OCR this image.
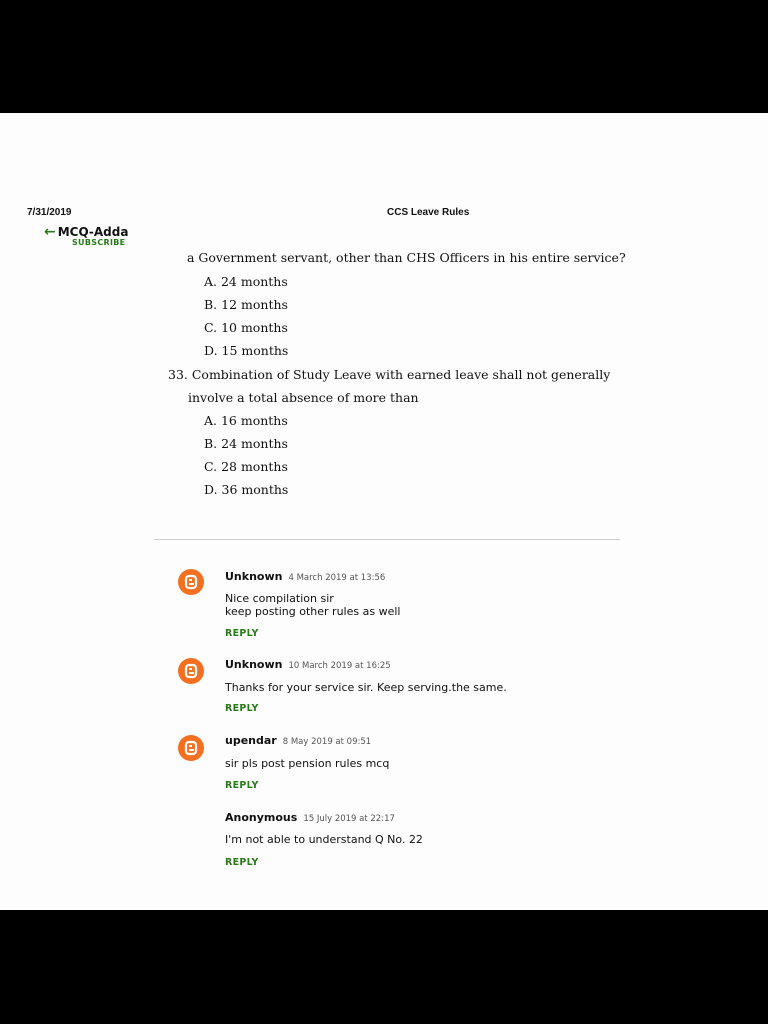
7/31/2019	CCS Leave Rules
← MCQ-Adda
SUBSCRIBE
a Government servant, other than CHS Officers in his entire service?
A. 24 months
B. 12 months
C. 10 months
D. 15 months
33. Combination of Study Leave with earned leave shall not generally
involve a total absence of more than
A. 16 months
B. 24 months
C. 28 months
D. 36 months
Unknown 4 March 2019 at 13:56
Nice compilation sir
keep posting other rules as well
REPLY
Unknown 10 March 2019 at 16:25
Thanks for your service sir. Keep serving.the same.
REPLY
upendar 8 May 2019 at 09:51
sir pls post pension rules mcq
REPLY
Anonymous 15 July 2019 at 22:17
I'm not able to understand Q No. 22
REPLY
